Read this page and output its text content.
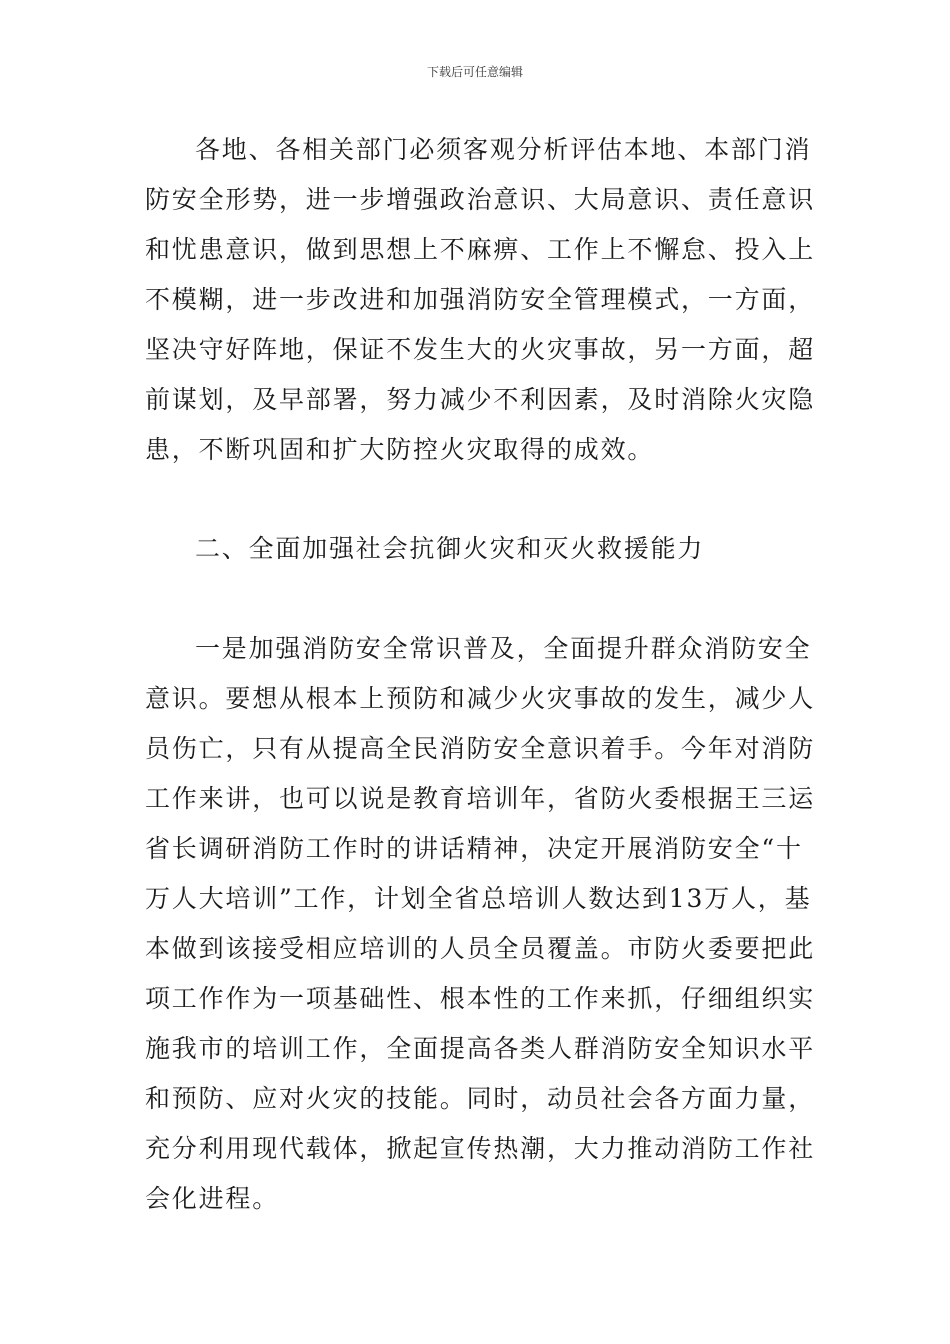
下载后可任意编辑
各地、各相关部门必须客观分析评估本地、本部门消
防安全形势，进一步增强政治意识、大局意识、责任意识
和忧患意识，做到思想上不麻痹、工作上不懈怠、投入上
不模糊，进一步改进和加强消防安全管理模式，一方面，
坚决守好阵地，保证不发生大的火灾事故，另一方面，超
前谋划，及早部署，努力减少不利因素，及时消除火灾隐
患，不断巩固和扩大防控火灾取得的成效。
二、全面加强社会抗御火灾和灭火救援能力
一是加强消防安全常识普及，全面提升群众消防安全
意识。要想从根本上预防和减少火灾事故的发生，减少人
员伤亡，只有从提高全民消防安全意识着手。今年对消防
工作来讲，也可以说是教育培训年，省防火委根据王三运
省长调研消防工作时的讲话精神，决定开展消防安全“十
万人大培训”工作，计划全省总培训人数达到13万人，基
本做到该接受相应培训的人员全员覆盖。市防火委要把此
项工作作为一项基础性、根本性的工作来抓，仔细组织实
施我市的培训工作，全面提高各类人群消防安全知识水平
和预防、应对火灾的技能。同时，动员社会各方面力量，
充分利用现代载体，掀起宣传热潮，大力推动消防工作社
会化进程。
